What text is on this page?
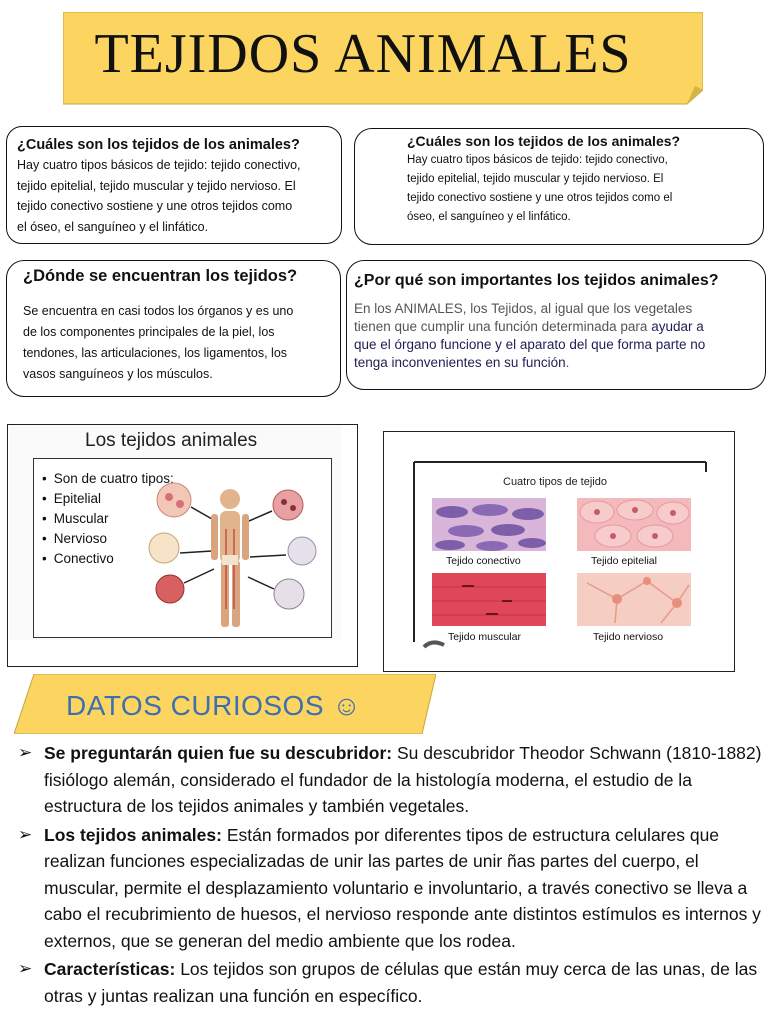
TEJIDOS ANIMALES
¿Cuáles son los tejidos de los animales?

Hay cuatro tipos básicos de tejido: tejido conectivo,

tejido epitelial, tejido muscular y tejido nervioso. El

tejido conectivo sostiene y une otros tejidos como

el óseo, el sanguíneo y el linfático.

¿Cuáles son los tejidos de los animales?

Hay cuatro tipos básicos de tejido: tejido conectivo,

tejido epitelial, tejido muscular y tejido nervioso. El

tejido conectivo sostiene y une otros tejidos como el

óseo, el sanguíneo y el linfático.

¿Dónde se encuentran los tejidos?

Se encuentra en casi todos los órganos y es uno

de los componentes principales de la piel, los

tendones, las articulaciones, los ligamentos, los

vasos sanguíneos y los músculos.

¿Por qué son importantes los tejidos animales?

En los ANIMALES, los Tejidos, al igual que los vegetales

tienen que cumplir una función determinada para ayudar a

que el órgano funcione y el aparato del que forma parte no

tenga inconvenientes en su función.

Los tejidos animales
• Son de cuatro tipos:
• Epitelial
• Muscular
• Nervioso
• Conectivo
Cuatro tipos de tejido
Tejido conectivo	Tejido epitelial
Tejido muscular	Tejido nervioso
DATOS CURIOSOS ☺
➢ Se preguntarán quien fue su descubridor: Su descubridor Theodor Schwann (1810-1882) fisiólogo alemán, considerado el fundador de la histología moderna, el estudio de la estructura de los tejidos animales y también vegetales.
➢ Los tejidos animales: Están formados por diferentes tipos de estructura celulares que realizan funciones especializadas de unir las partes de unir ñas partes del cuerpo, el muscular, permite el desplazamiento voluntario e involuntario, a través conectivo se lleva a cabo el recubrimiento de huesos, el nervioso responde ante distintos estímulos es internos y externos, que se generan del medio ambiente que los rodea.
➢ Características: Los tejidos son grupos de células que están muy cerca de las unas, de las otras y juntas realizan una función en específico.
